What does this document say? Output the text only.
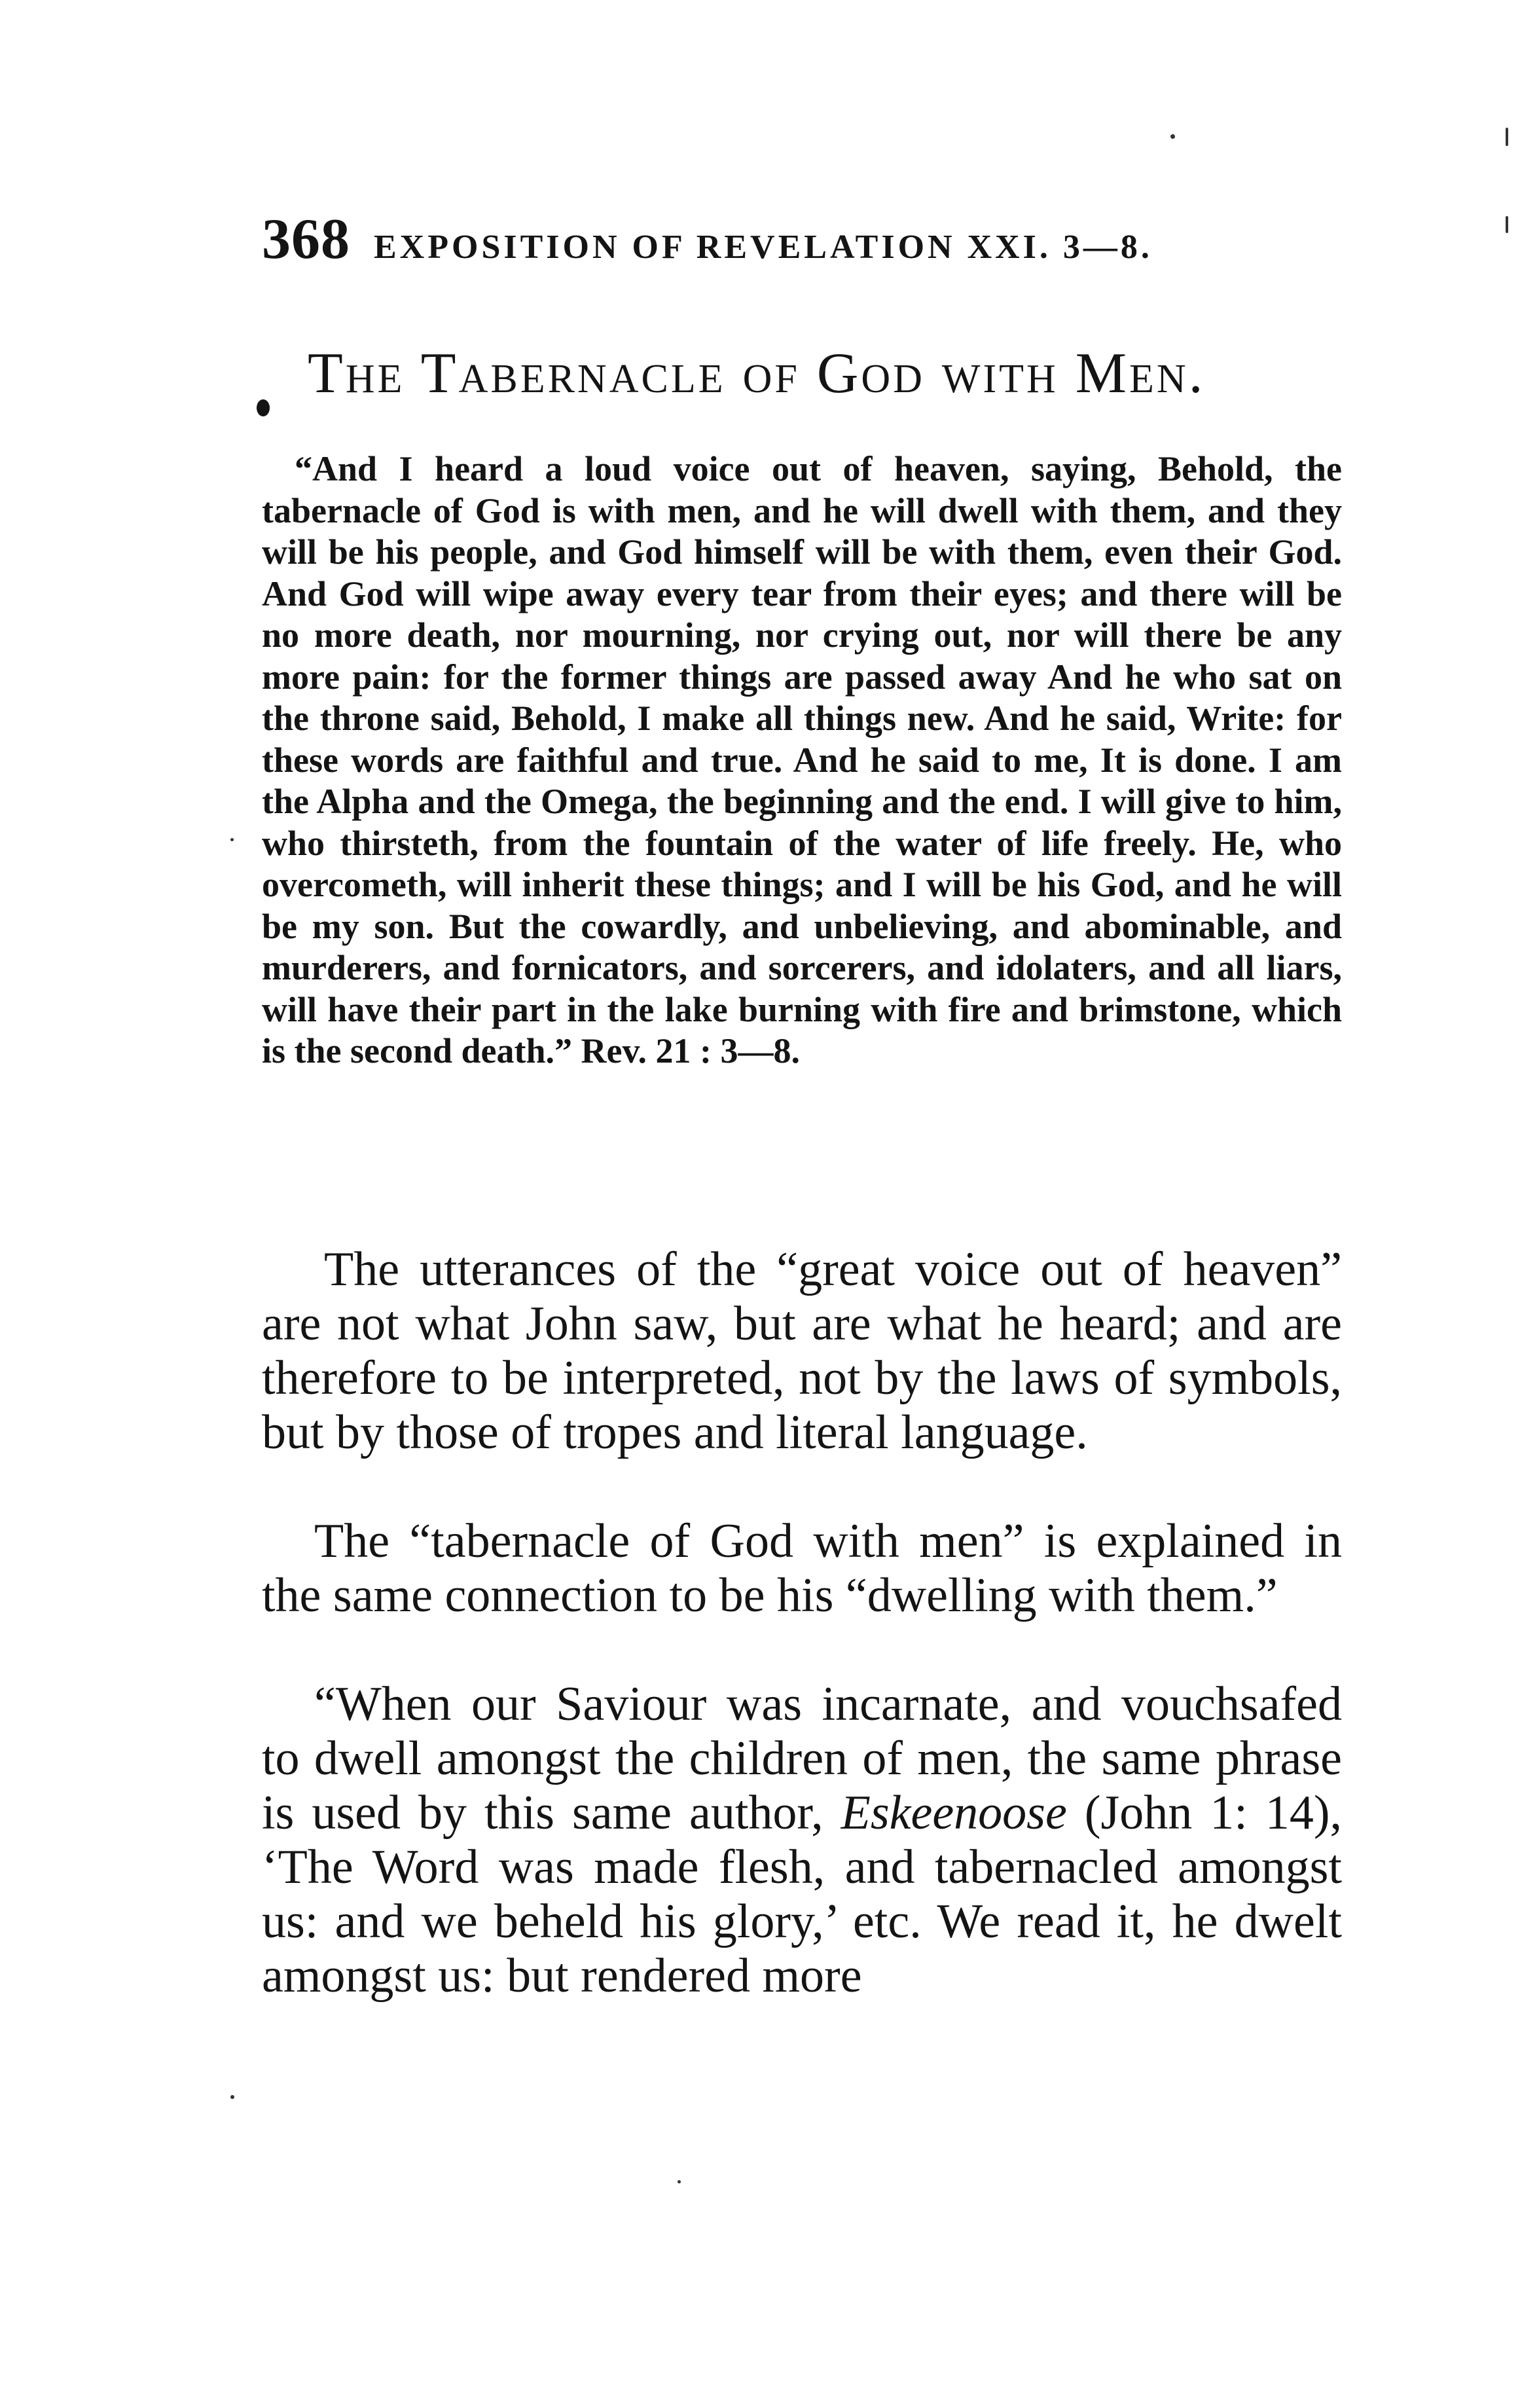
368 EXPOSITION OF REVELATION XXI. 3—8.
The Tabernacle of God with Men.

“And I heard a loud voice out of heaven, saying, Behold, the tabernacle of God is with men, and he will dwell with them, and they will be his people, and God himself will be with them, even their God. And God will wipe away every tear from their eyes; and there will be no more death, nor mourning, nor crying out, nor will there be any more pain: for the former things are passed away And he who sat on the throne said, Behold, I make all things new. And he said, Write: for these words are faithful and true. And he said to me, It is done. I am the Alpha and the Omega, the beginning and the end. I will give to him, who thirsteth, from the fountain of the water of life freely. He, who overcometh, will inherit these things; and I will be his God, and he will be my son. But the cowardly, and unbelieving, and abominable, and murderers, and fornicators, and sorcerers, and idolaters, and all liars, will have their part in the lake burning with fire and brimstone, which is the second death.” Rev. 21 : 3—8.

The utterances of the “great voice out of heaven” are not what John saw, but are what he heard; and are therefore to be interpreted, not by the laws of symbols, but by those of tropes and literal language.

The “tabernacle of God with men” is explained in the same connection to be his “dwelling with them.”

“When our Saviour was incarnate, and vouchsafed to dwell amongst the children of men, the same phrase is used by this same author, Eskeenoose (John 1: 14), ‘The Word was made flesh, and tabernacled amongst us: and we beheld his glory,’ etc. We read it, he dwelt amongst us: but rendered more
